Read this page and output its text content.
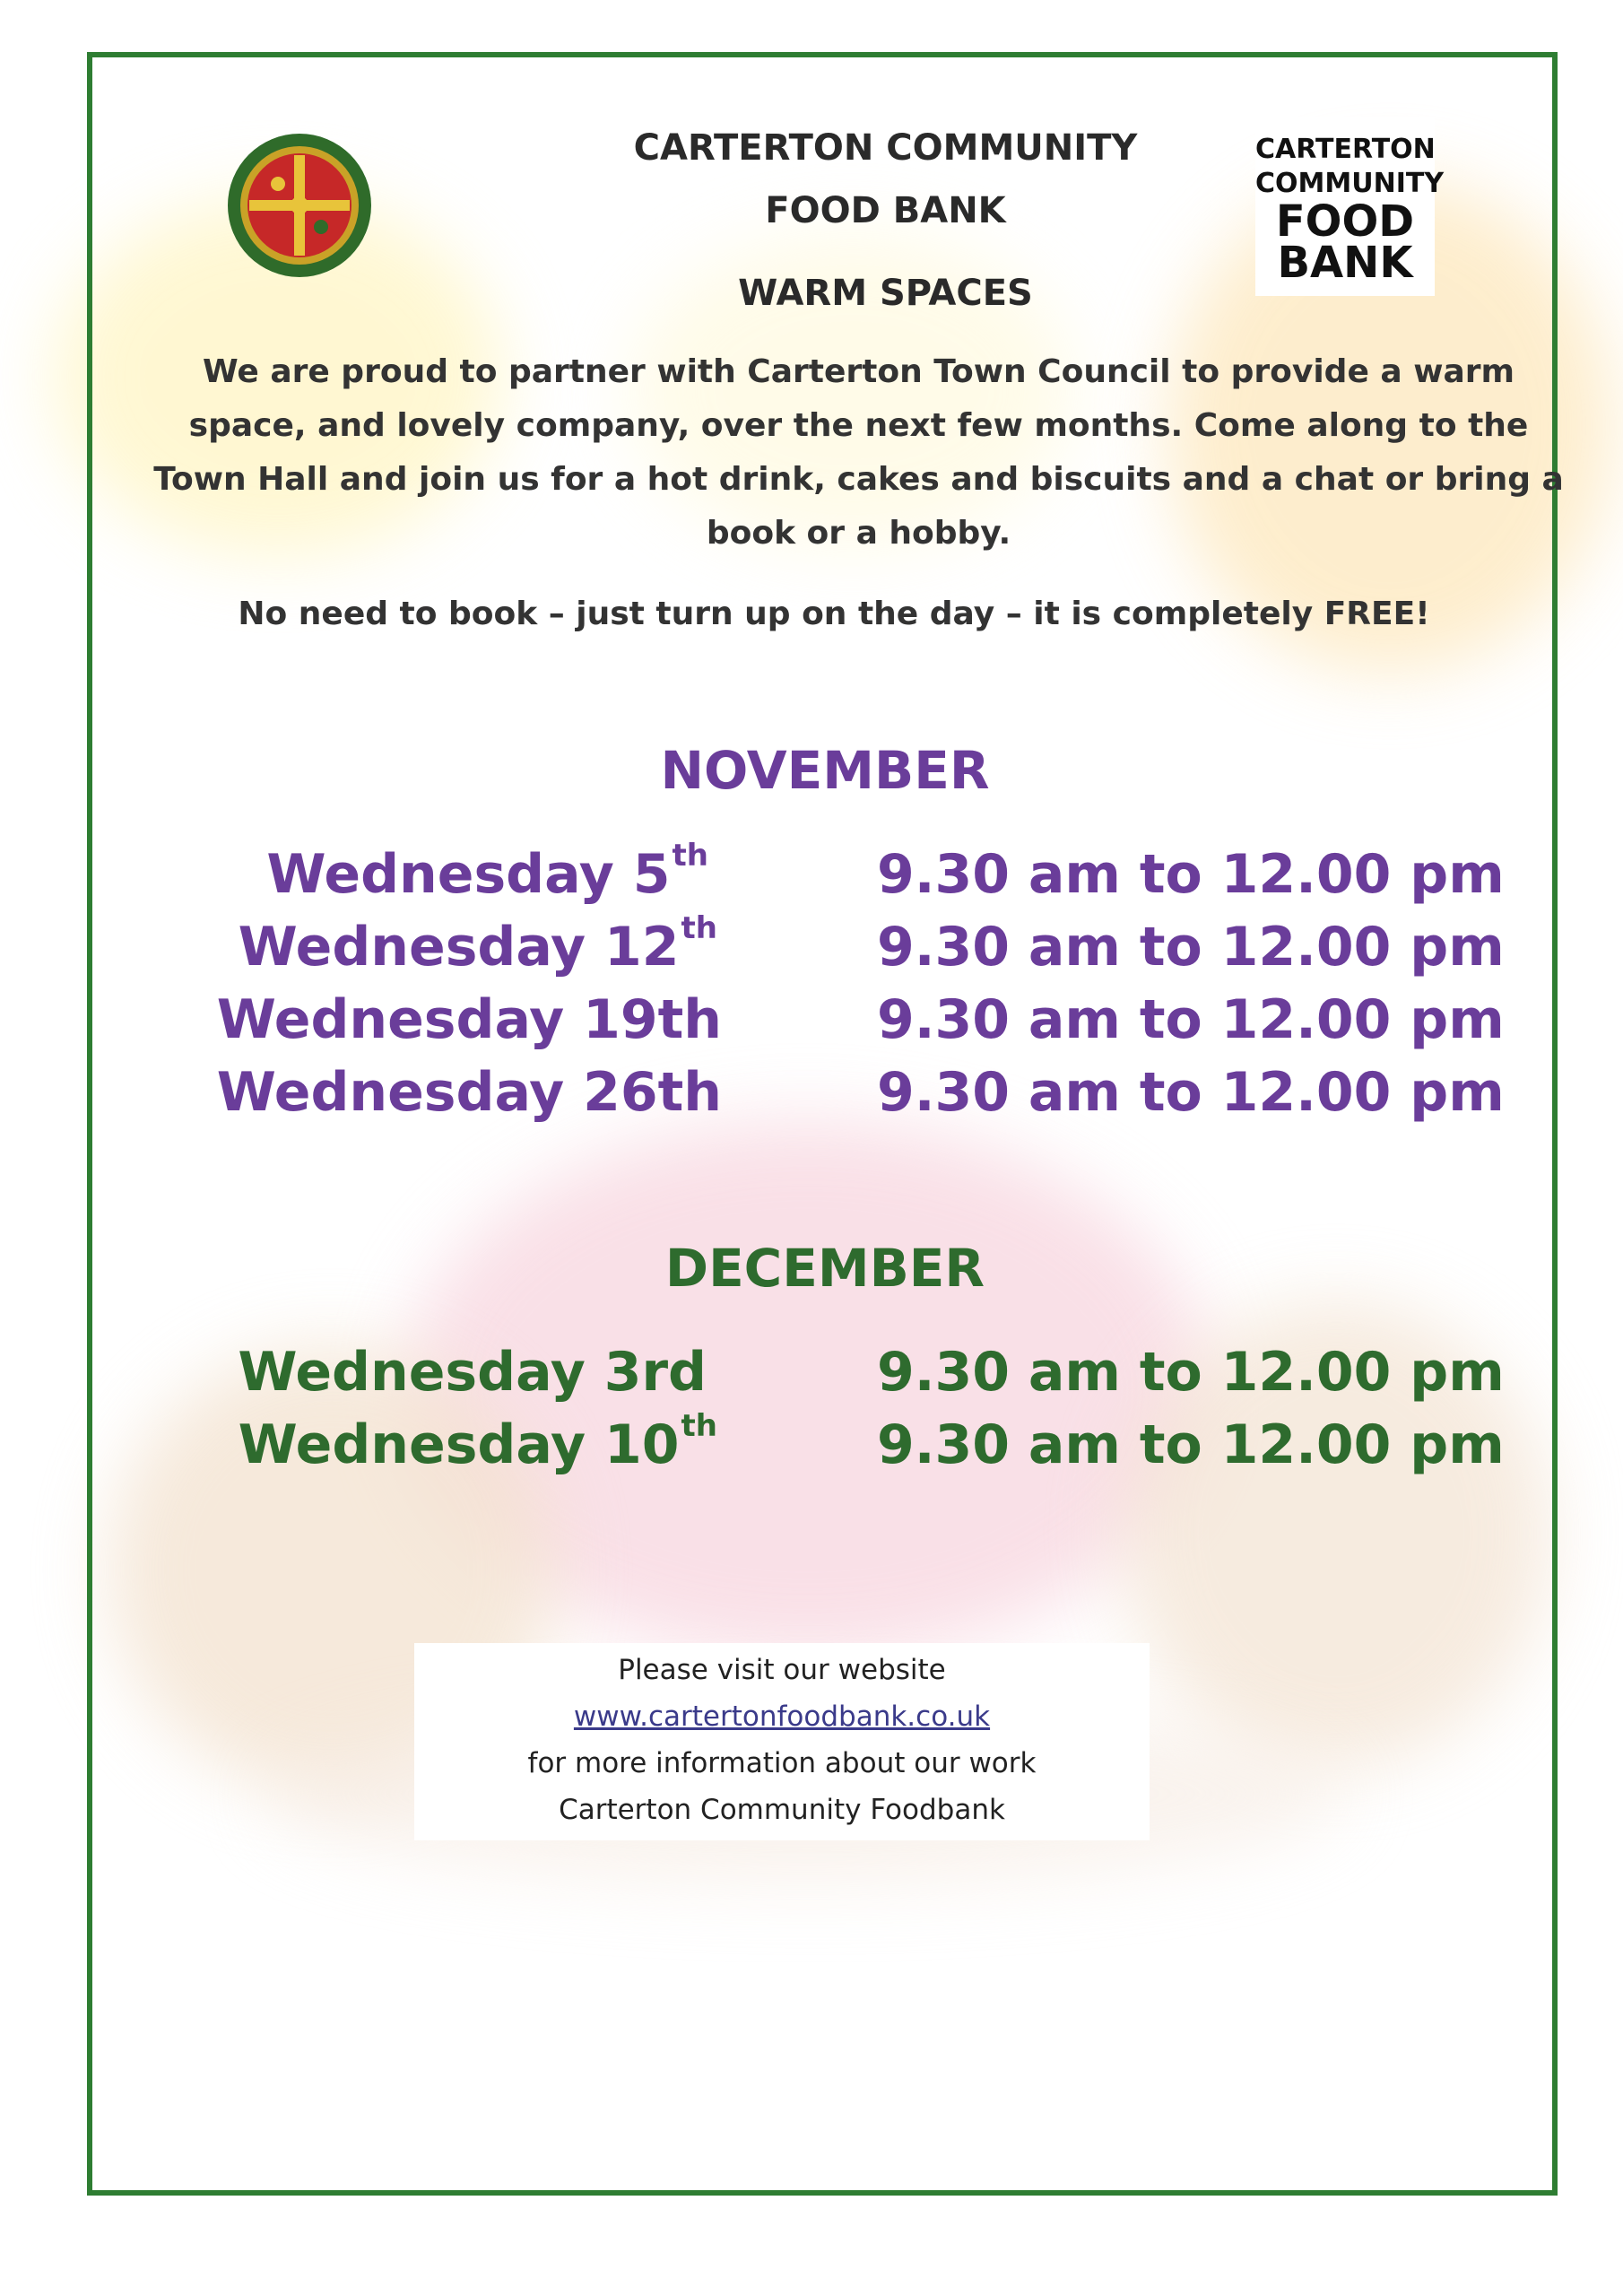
CARTERTON
COMMUNITY
FOOD
BANK
CARTERTON COMMUNITY
FOOD BANK
WARM SPACES
We are proud to partner with Carterton Town Council to provide a warm
space, and lovely company, over the next few months. Come along to the
Town Hall and join us for a hot drink, cakes and biscuits and a chat or bring a
book or a hobby.
No need to book – just turn up on the day – it is completely FREE!
NOVEMBER
Wednesday 5th	9.30 am to 12.00 pm
Wednesday 12th	9.30 am to 12.00 pm
Wednesday 19th	9.30 am to 12.00 pm
Wednesday 26th	9.30 am to 12.00 pm
DECEMBER
Wednesday 3rd	9.30 am to 12.00 pm
Wednesday 10th	9.30 am to 12.00 pm
Please visit our website www.cartertonfoodbank.co.uk
for more information about our work
Carterton Community Foodbank
